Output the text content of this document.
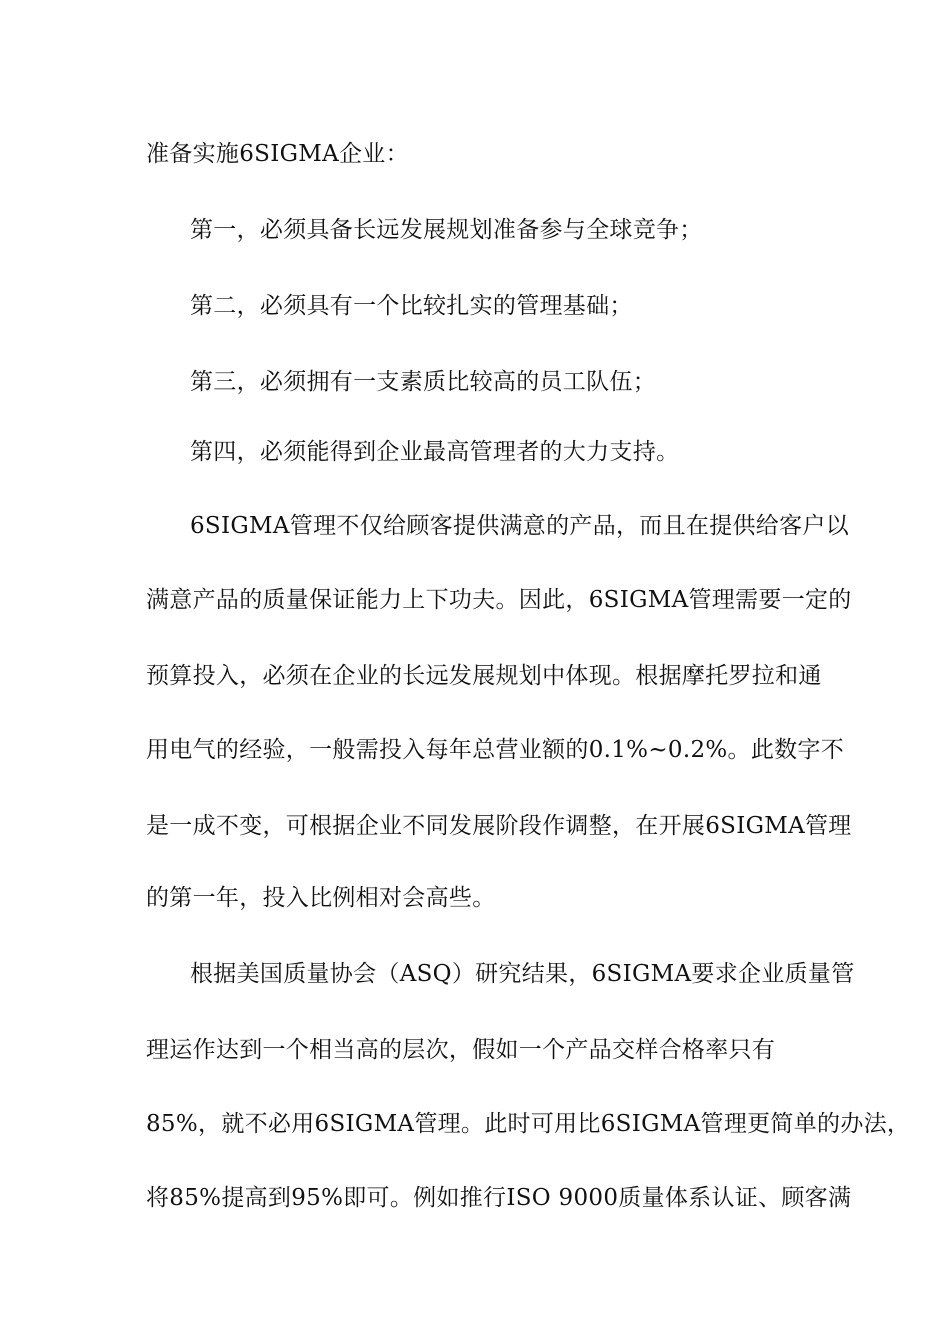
准备实施6SIGMA企业：
第一，必须具备长远发展规划准备参与全球竞争；
第二，必须具有一个比较扎实的管理基础；
第三，必须拥有一支素质比较高的员工队伍；
第四，必须能得到企业最高管理者的大力支持。
6SIGMA管理不仅给顾客提供满意的产品，而且在提供给客户以
满意产品的质量保证能力上下功夫。因此，6SIGMA管理需要一定的
预算投入，必须在企业的长远发展规划中体现。根据摩托罗拉和通
用电气的经验，一般需投入每年总营业额的0.1%~0.2%。此数字不
是一成不变，可根据企业不同发展阶段作调整，在开展6SIGMA管理
的第一年，投入比例相对会高些。
根据美国质量协会（ASQ）研究结果，6SIGMA要求企业质量管
理运作达到一个相当高的层次，假如一个产品交样合格率只有
85%，就不必用6SIGMA管理。此时可用比6SIGMA管理更简单的办法，
将85%提高到95%即可。例如推行ISO 9000质量体系认证、顾客满
